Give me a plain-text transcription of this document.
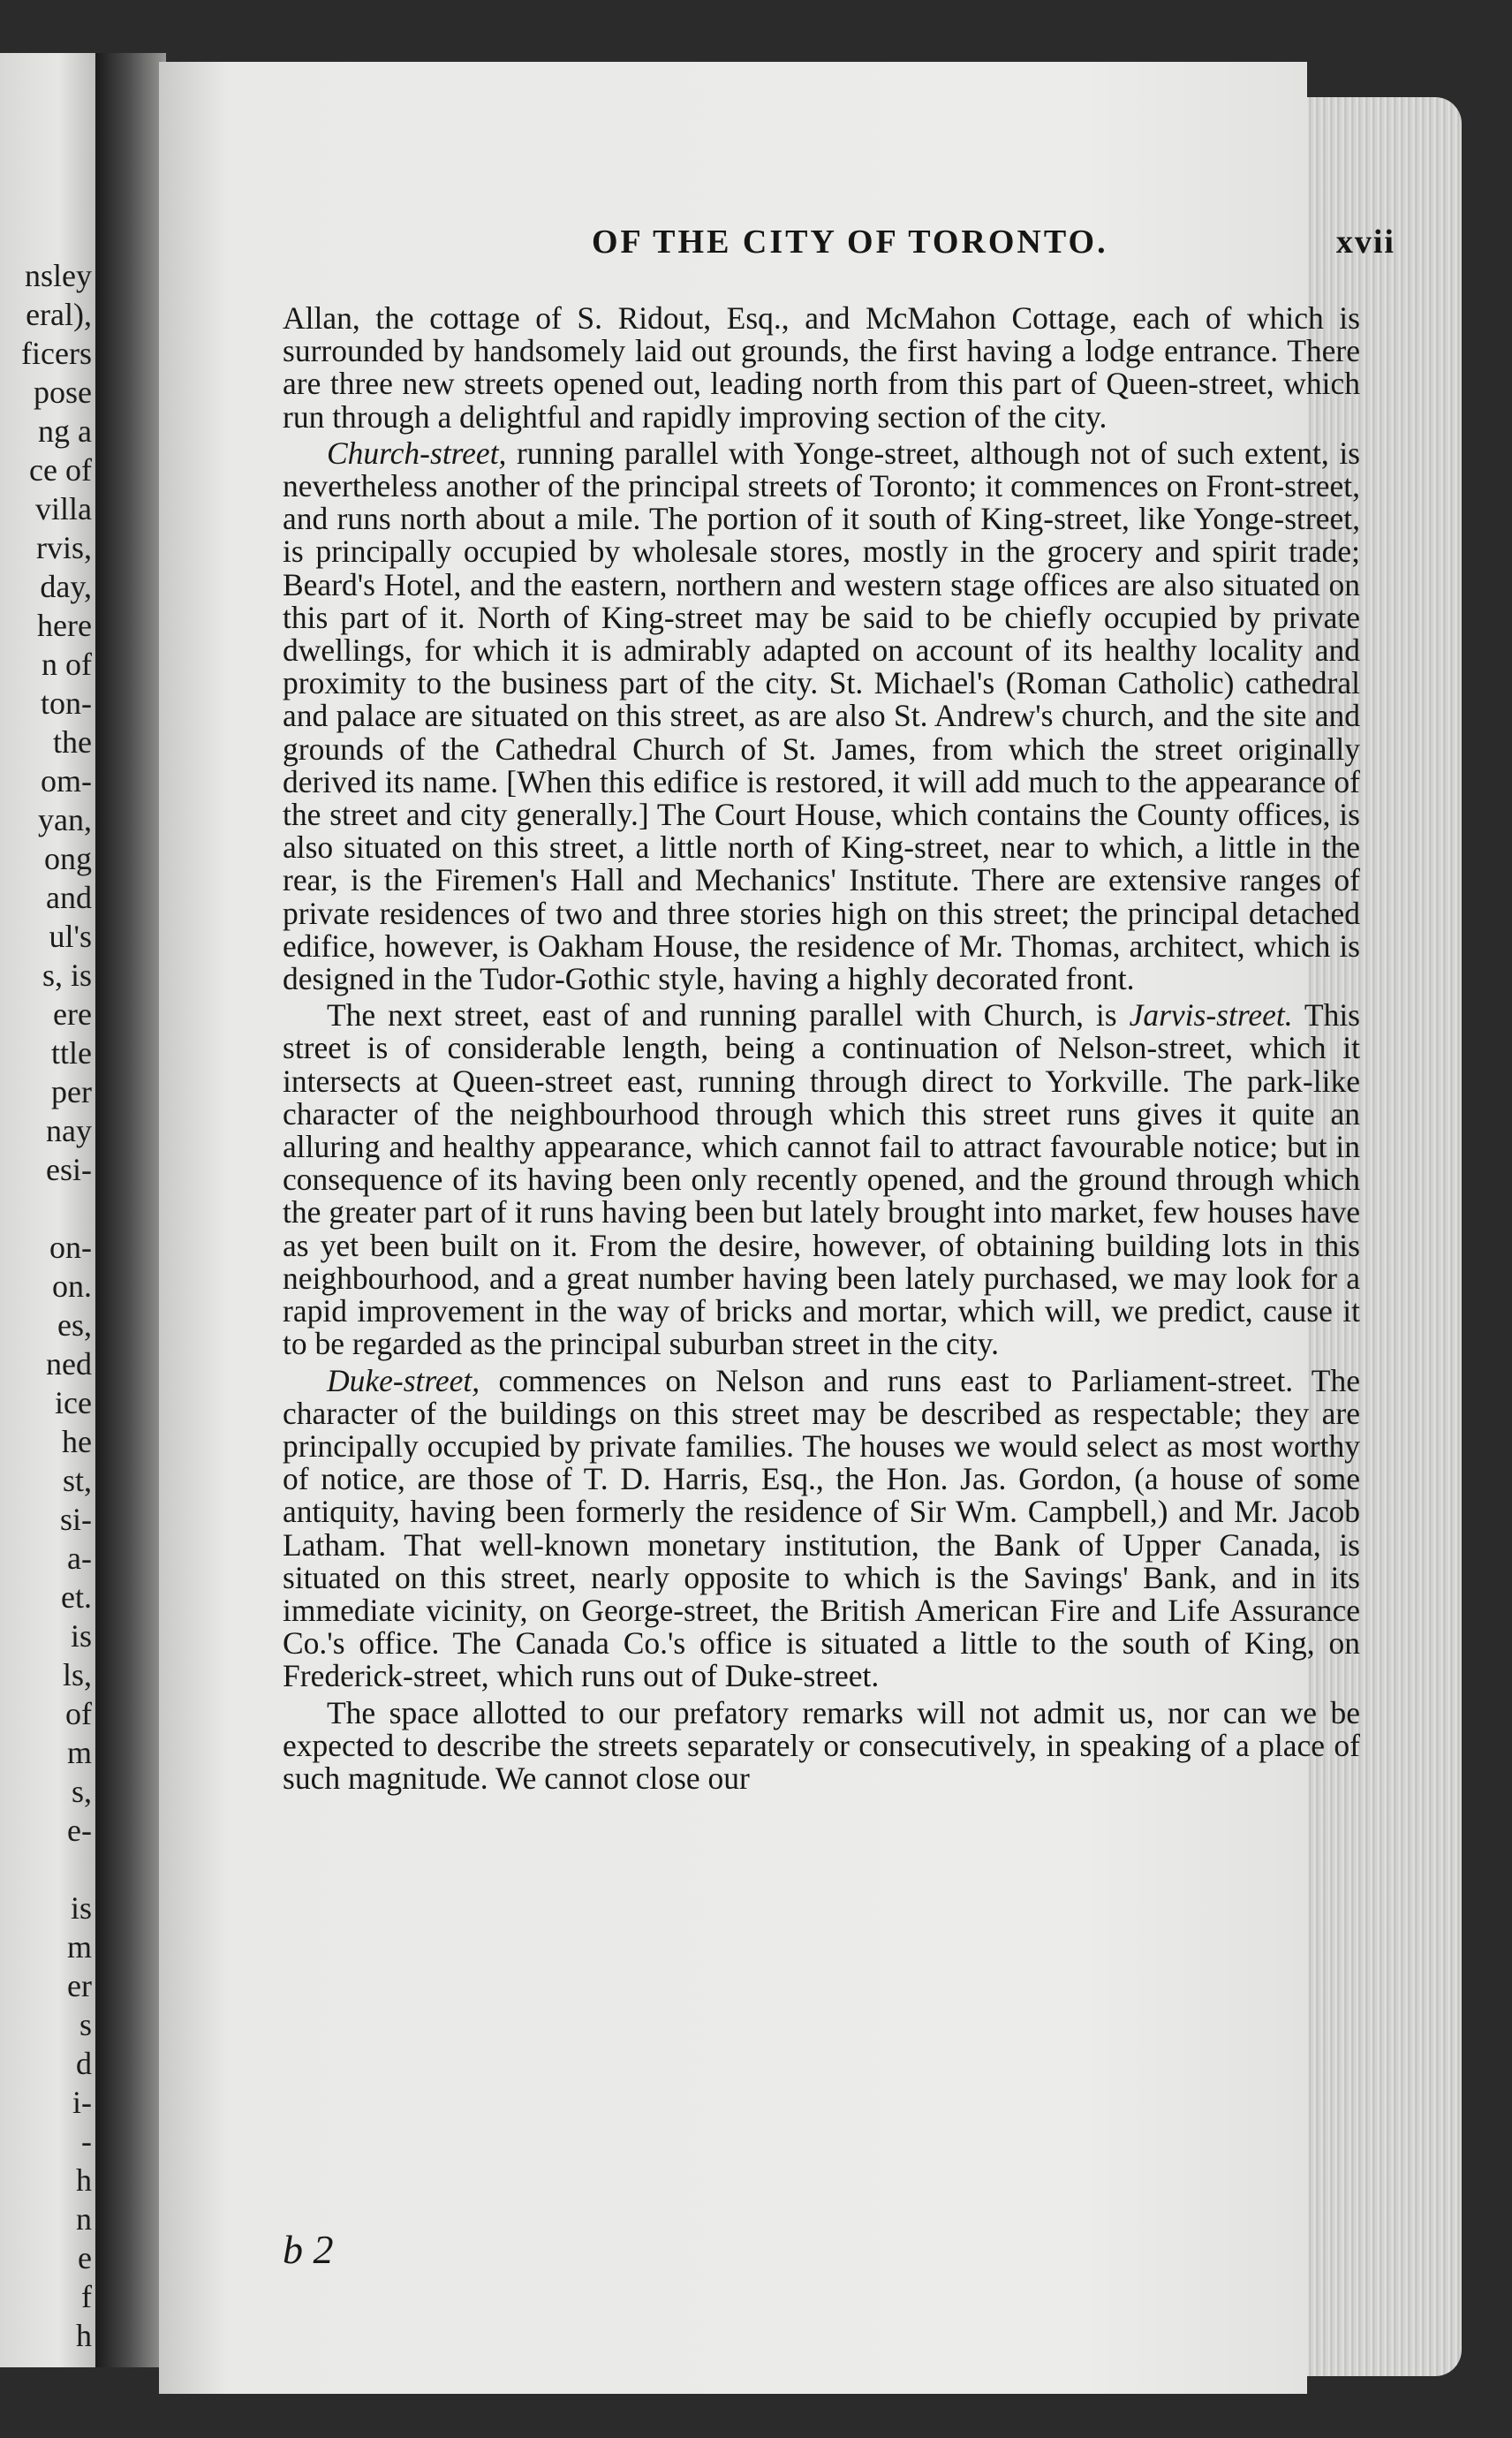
nsley
eral),
ficers
pose
ng a
ce of
villa
rvis,
day,
here
n of
ton-
the
om-
yan,
ong
and
ul's
s, is
ere
ttle
per
nay
esi-
on-
on.
es,
ned
ice
he
st,
si-
a-
et.
is
ls,
of
m
s,
e-
is
m
er
s
d
i-
-
h
n
e
f
h
OF THE CITY OF TORONTO.	xvii

Allan, the cottage of S. Ridout, Esq., and McMahon Cottage, each of which is surrounded by handsomely laid out grounds, the first having a lodge entrance. There are three new streets opened out, leading north from this part of Queen-street, which run through a delightful and rapidly improving section of the city.

Church-street, running parallel with Yonge-street, although not of such extent, is nevertheless another of the principal streets of Toronto; it commences on Front-street, and runs north about a mile. The portion of it south of King-street, like Yonge-street, is principally occupied by wholesale stores, mostly in the grocery and spirit trade; Beard's Hotel, and the eastern, northern and western stage offices are also situated on this part of it. North of King-street may be said to be chiefly occupied by private dwellings, for which it is admirably adapted on account of its healthy locality and proximity to the business part of the city. St. Michael's (Roman Catholic) cathedral and palace are situated on this street, as are also St. Andrew's church, and the site and grounds of the Cathedral Church of St. James, from which the street originally derived its name. [When this edifice is restored, it will add much to the appearance of the street and city generally.] The Court House, which contains the County offices, is also situated on this street, a little north of King-street, near to which, a little in the rear, is the Firemen's Hall and Mechanics' Institute. There are extensive ranges of private residences of two and three stories high on this street; the principal detached edifice, however, is Oakham House, the residence of Mr. Thomas, architect, which is designed in the Tudor-Gothic style, having a highly decorated front.

The next street, east of and running parallel with Church, is Jarvis-street. This street is of considerable length, being a continuation of Nelson-street, which it intersects at Queen-street east, running through direct to Yorkville. The park-like character of the neighbourhood through which this street runs gives it quite an alluring and healthy appearance, which cannot fail to attract favourable notice; but in consequence of its having been only recently opened, and the ground through which the greater part of it runs having been but lately brought into market, few houses have as yet been built on it. From the desire, however, of obtaining building lots in this neighbourhood, and a great number having been lately purchased, we may look for a rapid improvement in the way of bricks and mortar, which will, we predict, cause it to be regarded as the principal suburban street in the city.

Duke-street, commences on Nelson and runs east to Parliament-street. The character of the buildings on this street may be described as respectable; they are principally occupied by private families. The houses we would select as most worthy of notice, are those of T. D. Harris, Esq., the Hon. Jas. Gordon, (a house of some antiquity, having been formerly the residence of Sir Wm. Campbell,) and Mr. Jacob Latham. That well-known monetary institution, the Bank of Upper Canada, is situated on this street, nearly opposite to which is the Savings' Bank, and in its immediate vicinity, on George-street, the British American Fire and Life Assurance Co.'s office. The Canada Co.'s office is situated a little to the south of King, on Frederick-street, which runs out of Duke-street.

The space allotted to our prefatory remarks will not admit us, nor can we be expected to describe the streets separately or consecutively, in speaking of a place of such magnitude. We cannot close our

b 2
